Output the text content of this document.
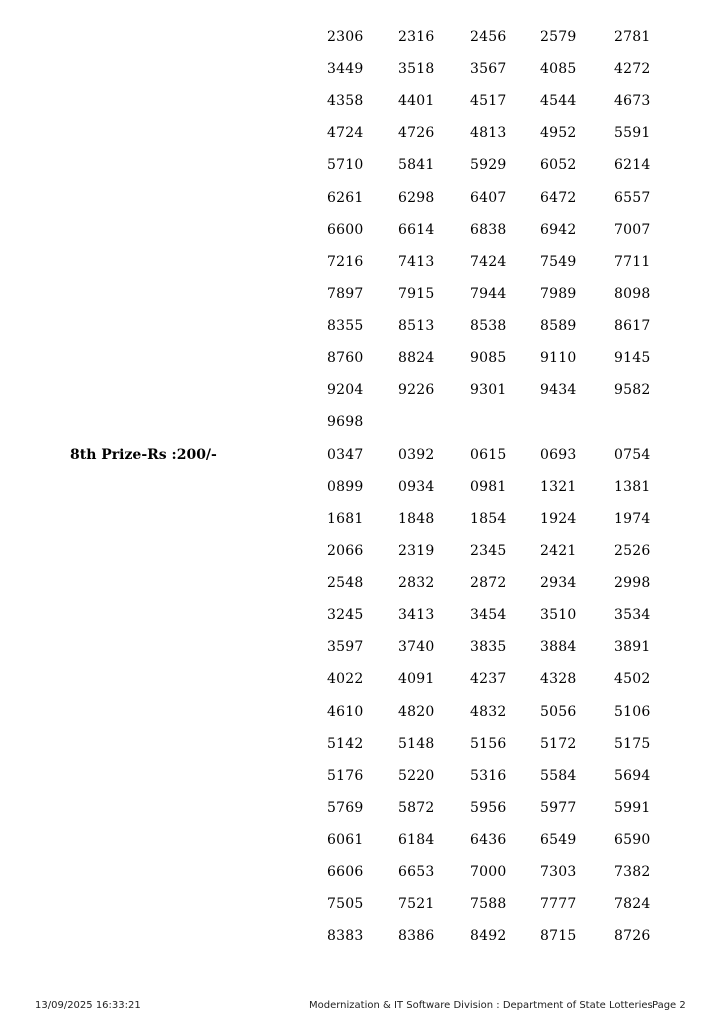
2306 2316	2456 2579	2781
3449 3518	3567 4085	4272
4358 4401	4517 4544	4673
4724 4726	4813 4952	5591
5710 5841	5929 6052	6214
6261 6298	6407 6472	6557
6600 6614	6838 6942	7007
7216 7413	7424 7549	7711
7897 7915	7944 7989	8098
8355 8513	8538 8589	8617
8760 8824	9085 9110	9145
9204 9226	9301 9434	9582
9698
8th Prize-Rs :200/-	0347 0392	0615 0693	0754
0899 0934	0981 1321	1381
1681 1848	1854 1924	1974
2066 2319	2345 2421	2526
2548 2832	2872 2934	2998
3245 3413	3454 3510	3534
3597 3740	3835 3884	3891
4022 4091	4237 4328	4502
4610 4820	4832 5056	5106
5142 5148	5156 5172	5175
5176 5220	5316 5584	5694
5769 5872	5956 5977	5991
6061 6184	6436 6549	6590
6606 6653	7000 7303	7382
7505 7521	7588 7777	7824
8383 8386	8492 8715	8726
13/09/2025 16:33:21	Modernization & IT Software Division : Department of State Lotteries Page 2
